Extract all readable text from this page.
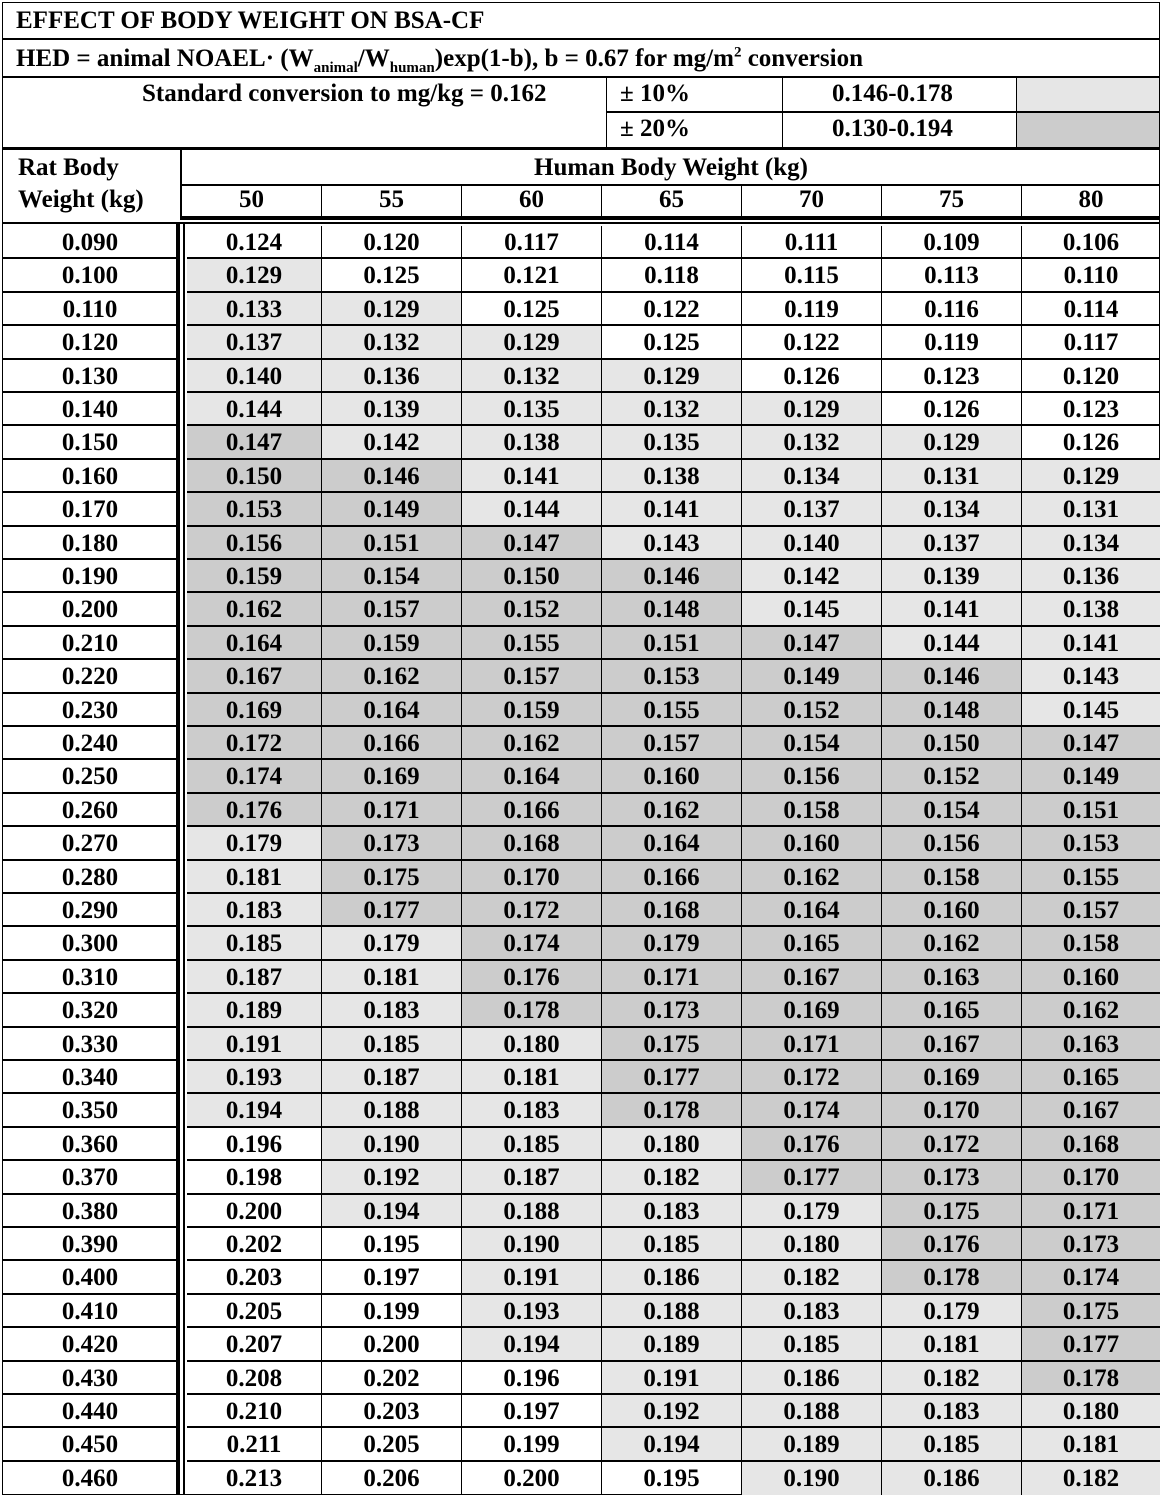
EFFECT OF BODY WEIGHT ON BSA-CF
HED = animal NOAEL· $(W_{animal}/W_{human})\exp(1-b)$, b = 0.67 for $mg/m^2$ conversion
Standard conversion to mg/kg = 0.162	± 10%	0.146-0.178
± 20%	0.130-0.194
Rat Body
Weight (kg)
Human Body Weight (kg)
50	55	60	65	70	75	80
0.090	0.124	0.120	0.117	0.114	0.111	0.109	0.106
0.100	0.129	0.125	0.121	0.118	0.115	0.113	0.110
0.110	0.133	0.129	0.125	0.122	0.119	0.116	0.114
0.120	0.137	0.132	0.129	0.125	0.122	0.119	0.117
0.130	0.140	0.136	0.132	0.129	0.126	0.123	0.120
0.140	0.144	0.139	0.135	0.132	0.129	0.126	0.123
0.150	0.147	0.142	0.138	0.135	0.132	0.129	0.126
0.160	0.150	0.146	0.141	0.138	0.134	0.131	0.129
0.170	0.153	0.149	0.144	0.141	0.137	0.134	0.131
0.180	0.156	0.151	0.147	0.143	0.140	0.137	0.134
0.190	0.159	0.154	0.150	0.146	0.142	0.139	0.136
0.200	0.162	0.157	0.152	0.148	0.145	0.141	0.138
0.210	0.164	0.159	0.155	0.151	0.147	0.144	0.141
0.220	0.167	0.162	0.157	0.153	0.149	0.146	0.143
0.230	0.169	0.164	0.159	0.155	0.152	0.148	0.145
0.240	0.172	0.166	0.162	0.157	0.154	0.150	0.147
0.250	0.174	0.169	0.164	0.160	0.156	0.152	0.149
0.260	0.176	0.171	0.166	0.162	0.158	0.154	0.151
0.270	0.179	0.173	0.168	0.164	0.160	0.156	0.153
0.280	0.181	0.175	0.170	0.166	0.162	0.158	0.155
0.290	0.183	0.177	0.172	0.168	0.164	0.160	0.157
0.300	0.185	0.179	0.174	0.179	0.165	0.162	0.158
0.310	0.187	0.181	0.176	0.171	0.167	0.163	0.160
0.320	0.189	0.183	0.178	0.173	0.169	0.165	0.162
0.330	0.191	0.185	0.180	0.175	0.171	0.167	0.163
0.340	0.193	0.187	0.181	0.177	0.172	0.169	0.165
0.350	0.194	0.188	0.183	0.178	0.174	0.170	0.167
0.360	0.196	0.190	0.185	0.180	0.176	0.172	0.168
0.370	0.198	0.192	0.187	0.182	0.177	0.173	0.170
0.380	0.200	0.194	0.188	0.183	0.179	0.175	0.171
0.390	0.202	0.195	0.190	0.185	0.180	0.176	0.173
0.400	0.203	0.197	0.191	0.186	0.182	0.178	0.174
0.410	0.205	0.199	0.193	0.188	0.183	0.179	0.175
0.420	0.207	0.200	0.194	0.189	0.185	0.181	0.177
0.430	0.208	0.202	0.196	0.191	0.186	0.182	0.178
0.440	0.210	0.203	0.197	0.192	0.188	0.183	0.180
0.450	0.211	0.205	0.199	0.194	0.189	0.185	0.181
0.460	0.213	0.206	0.200	0.195	0.190	0.186	0.182
